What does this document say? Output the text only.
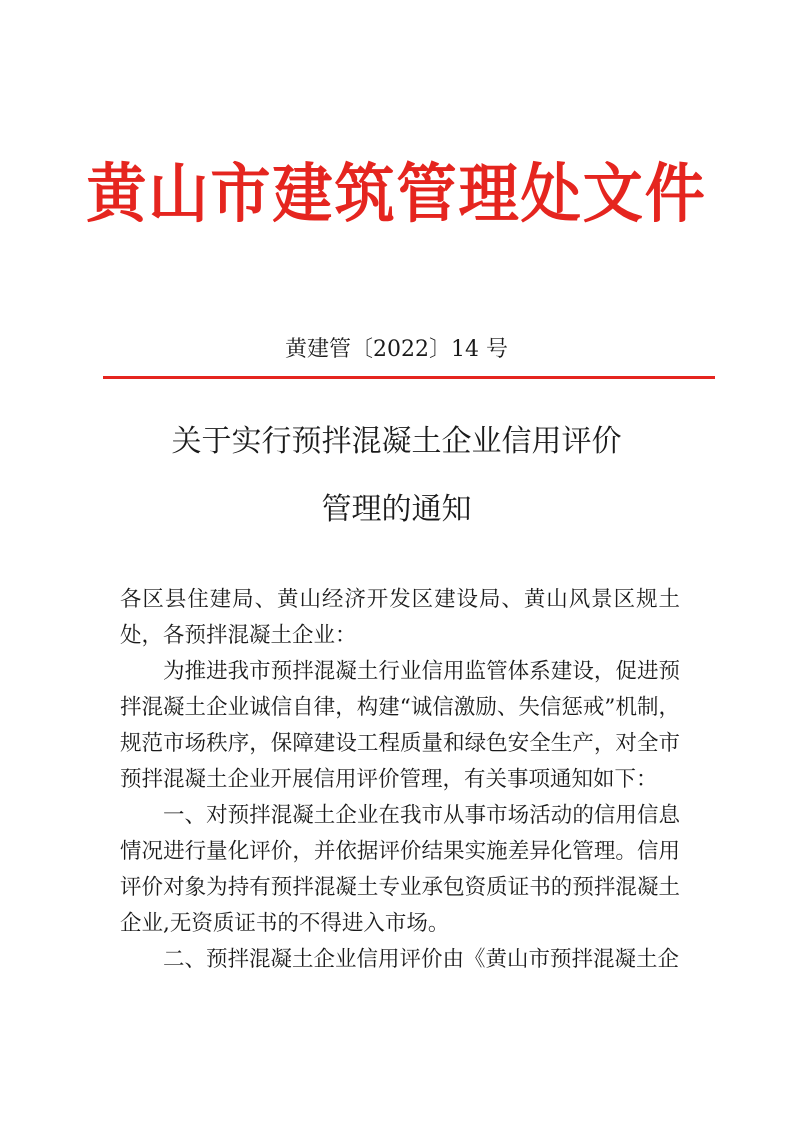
黄山市建筑管理处文件
黄建管〔2022〕14 号
关于实行预拌混凝土企业信用评价
管理的通知

各区县住建局、黄山经济开发区建设局、黄山风景区规土处，各预拌混凝土企业：

为推进我市预拌混凝土行业信用监管体系建设，促进预拌混凝土企业诚信自律，构建“诚信激励、失信惩戒”机制，规范市场秩序，保障建设工程质量和绿色安全生产，对全市预拌混凝土企业开展信用评价管理，有关事项通知如下：

一、对预拌混凝土企业在我市从事市场活动的信用信息情况进行量化评价，并依据评价结果实施差异化管理。信用评价对象为持有预拌混凝土专业承包资质证书的预拌混凝土企业,无资质证书的不得进入市场。

二、预拌混凝土企业信用评价由《黄山市预拌混凝土企
